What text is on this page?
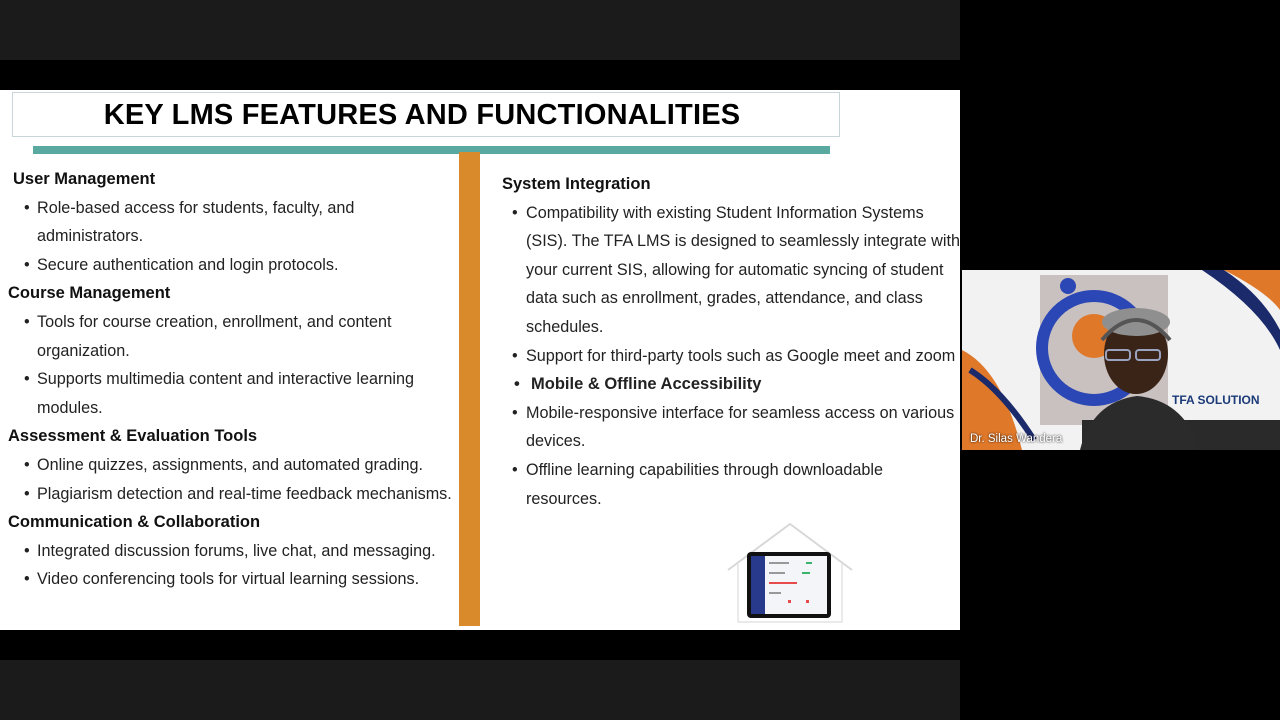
KEY LMS FEATURES AND FUNCTIONALITIES
User Management
• Role-based access for students, faculty, and administrators.
• Secure authentication and login protocols.
Course Management
• Tools for course creation, enrollment, and content organization.
• Supports multimedia content and interactive learning modules.
Assessment & Evaluation Tools
• Online quizzes, assignments, and automated grading.
• Plagiarism detection and real-time feedback mechanisms.
Communication & Collaboration
• Integrated discussion forums, live chat, and messaging.
• Video conferencing tools for virtual learning sessions.
System Integration
• Compatibility with existing Student Information Systems (SIS). The TFA LMS is designed to seamlessly integrate with your current SIS, allowing for automatic syncing of student data such as enrollment, grades, attendance, and class schedules.
• Support for third-party tools such as Google meet and zoom
• Mobile & Offline Accessibility
• Mobile-responsive interface for seamless access on various devices.
• Offline learning capabilities through downloadable resources.
TFA SOLUTION
Dr. Silas Wandera
